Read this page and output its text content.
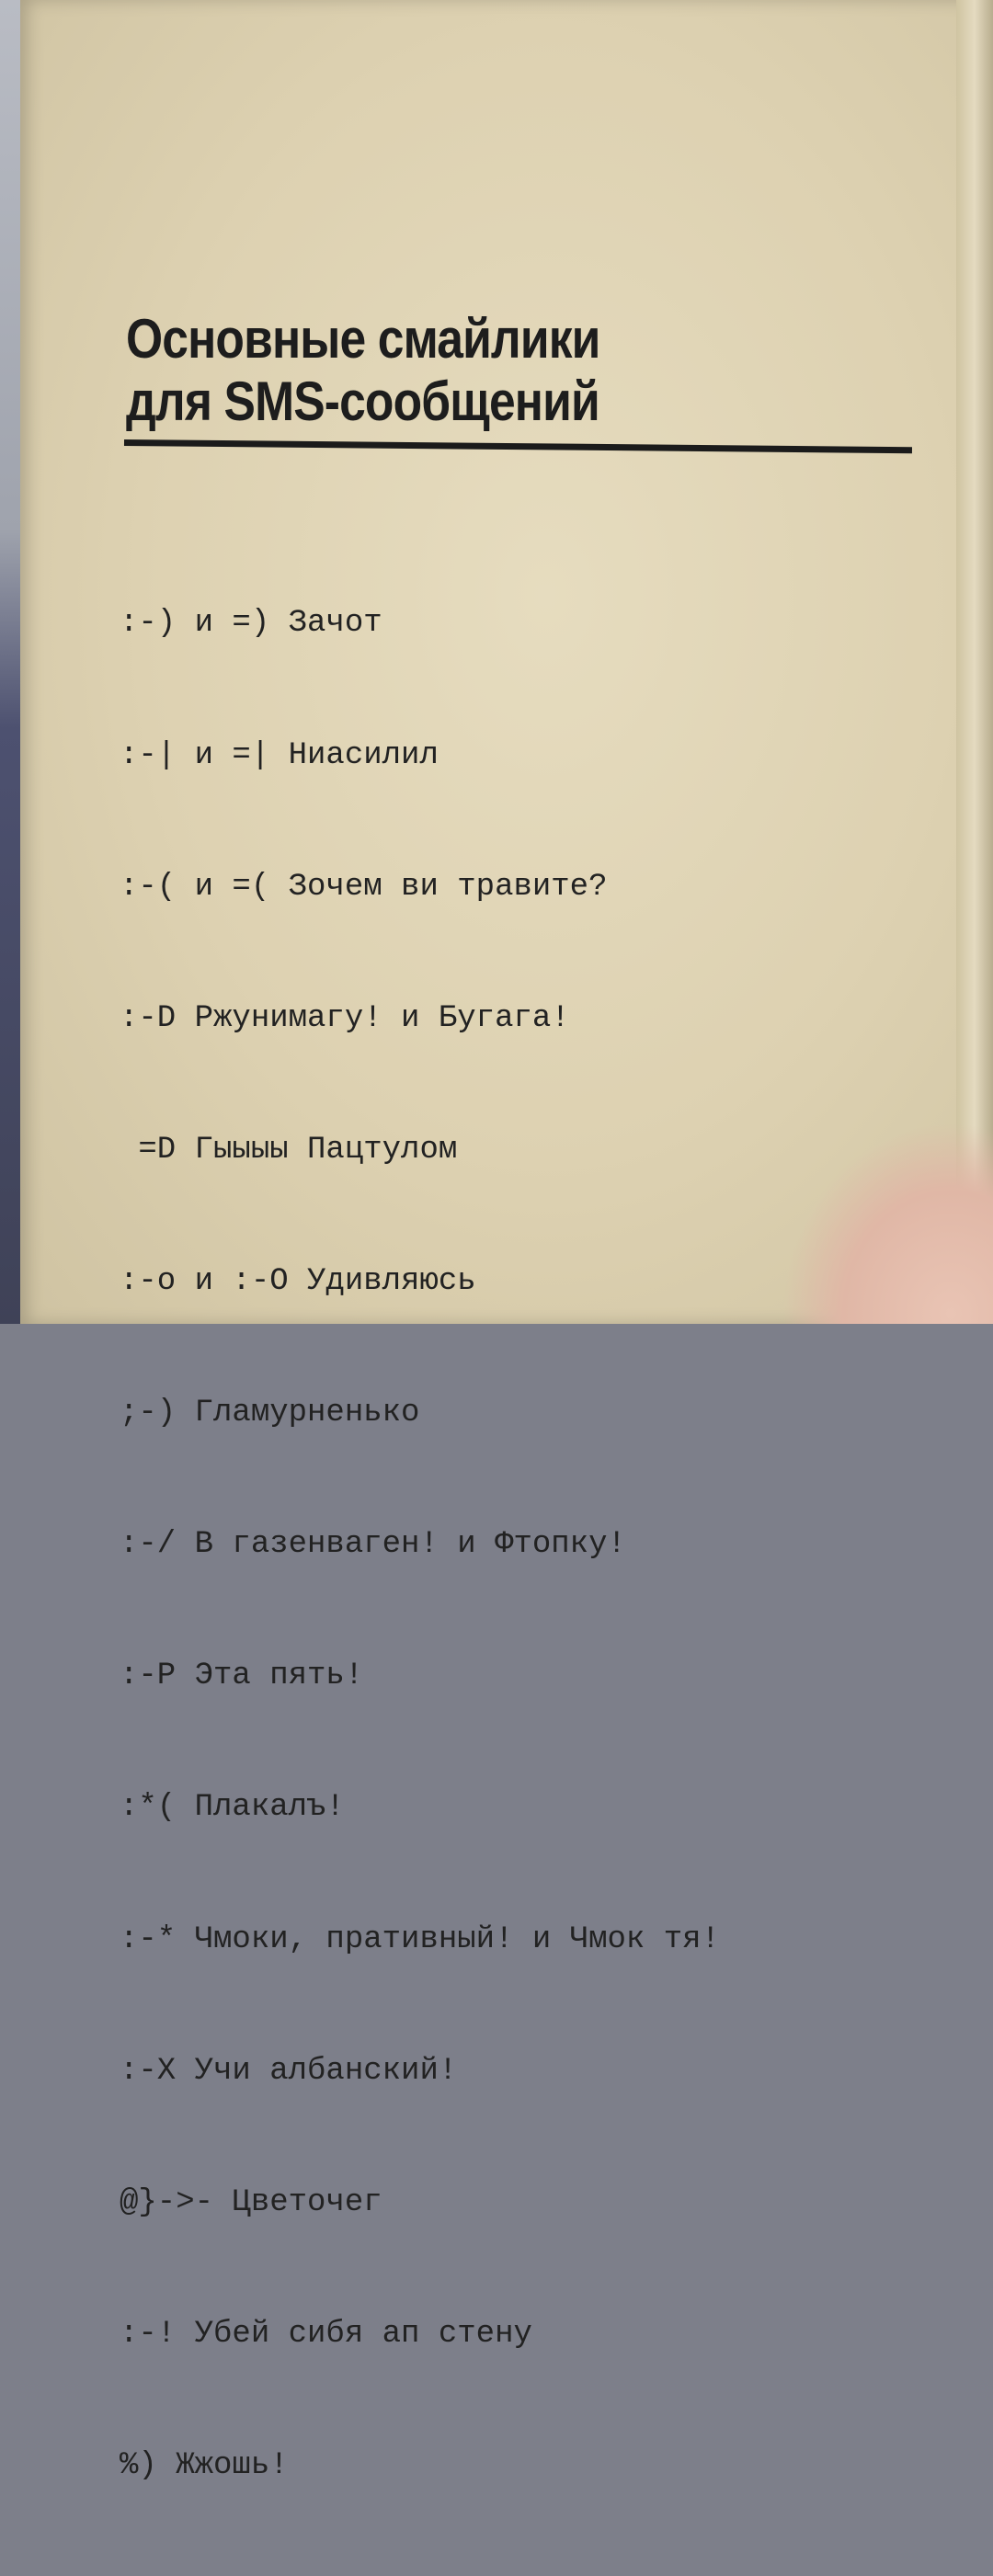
Основные смайлики
для SMS-сообщений

:-) и =) Зачот

:-| и =| Ниасилил

:-( и =( Зочем ви травите?

:-D Ржунимагу! и Бугага!

=D Гыыыы Пацтулом

:-o и :-O Удивляюсь

;-) Гламурненько

:-/ В газенваген! и Фтопку!

:-P Эта пять!

:*( Плакалъ!

:-* Чмоки, пративный! и Чмок тя!

:-X Учи албанский!

@}->- Цветочег

:-! Убей сибя ап стену

%) Жжошь!
